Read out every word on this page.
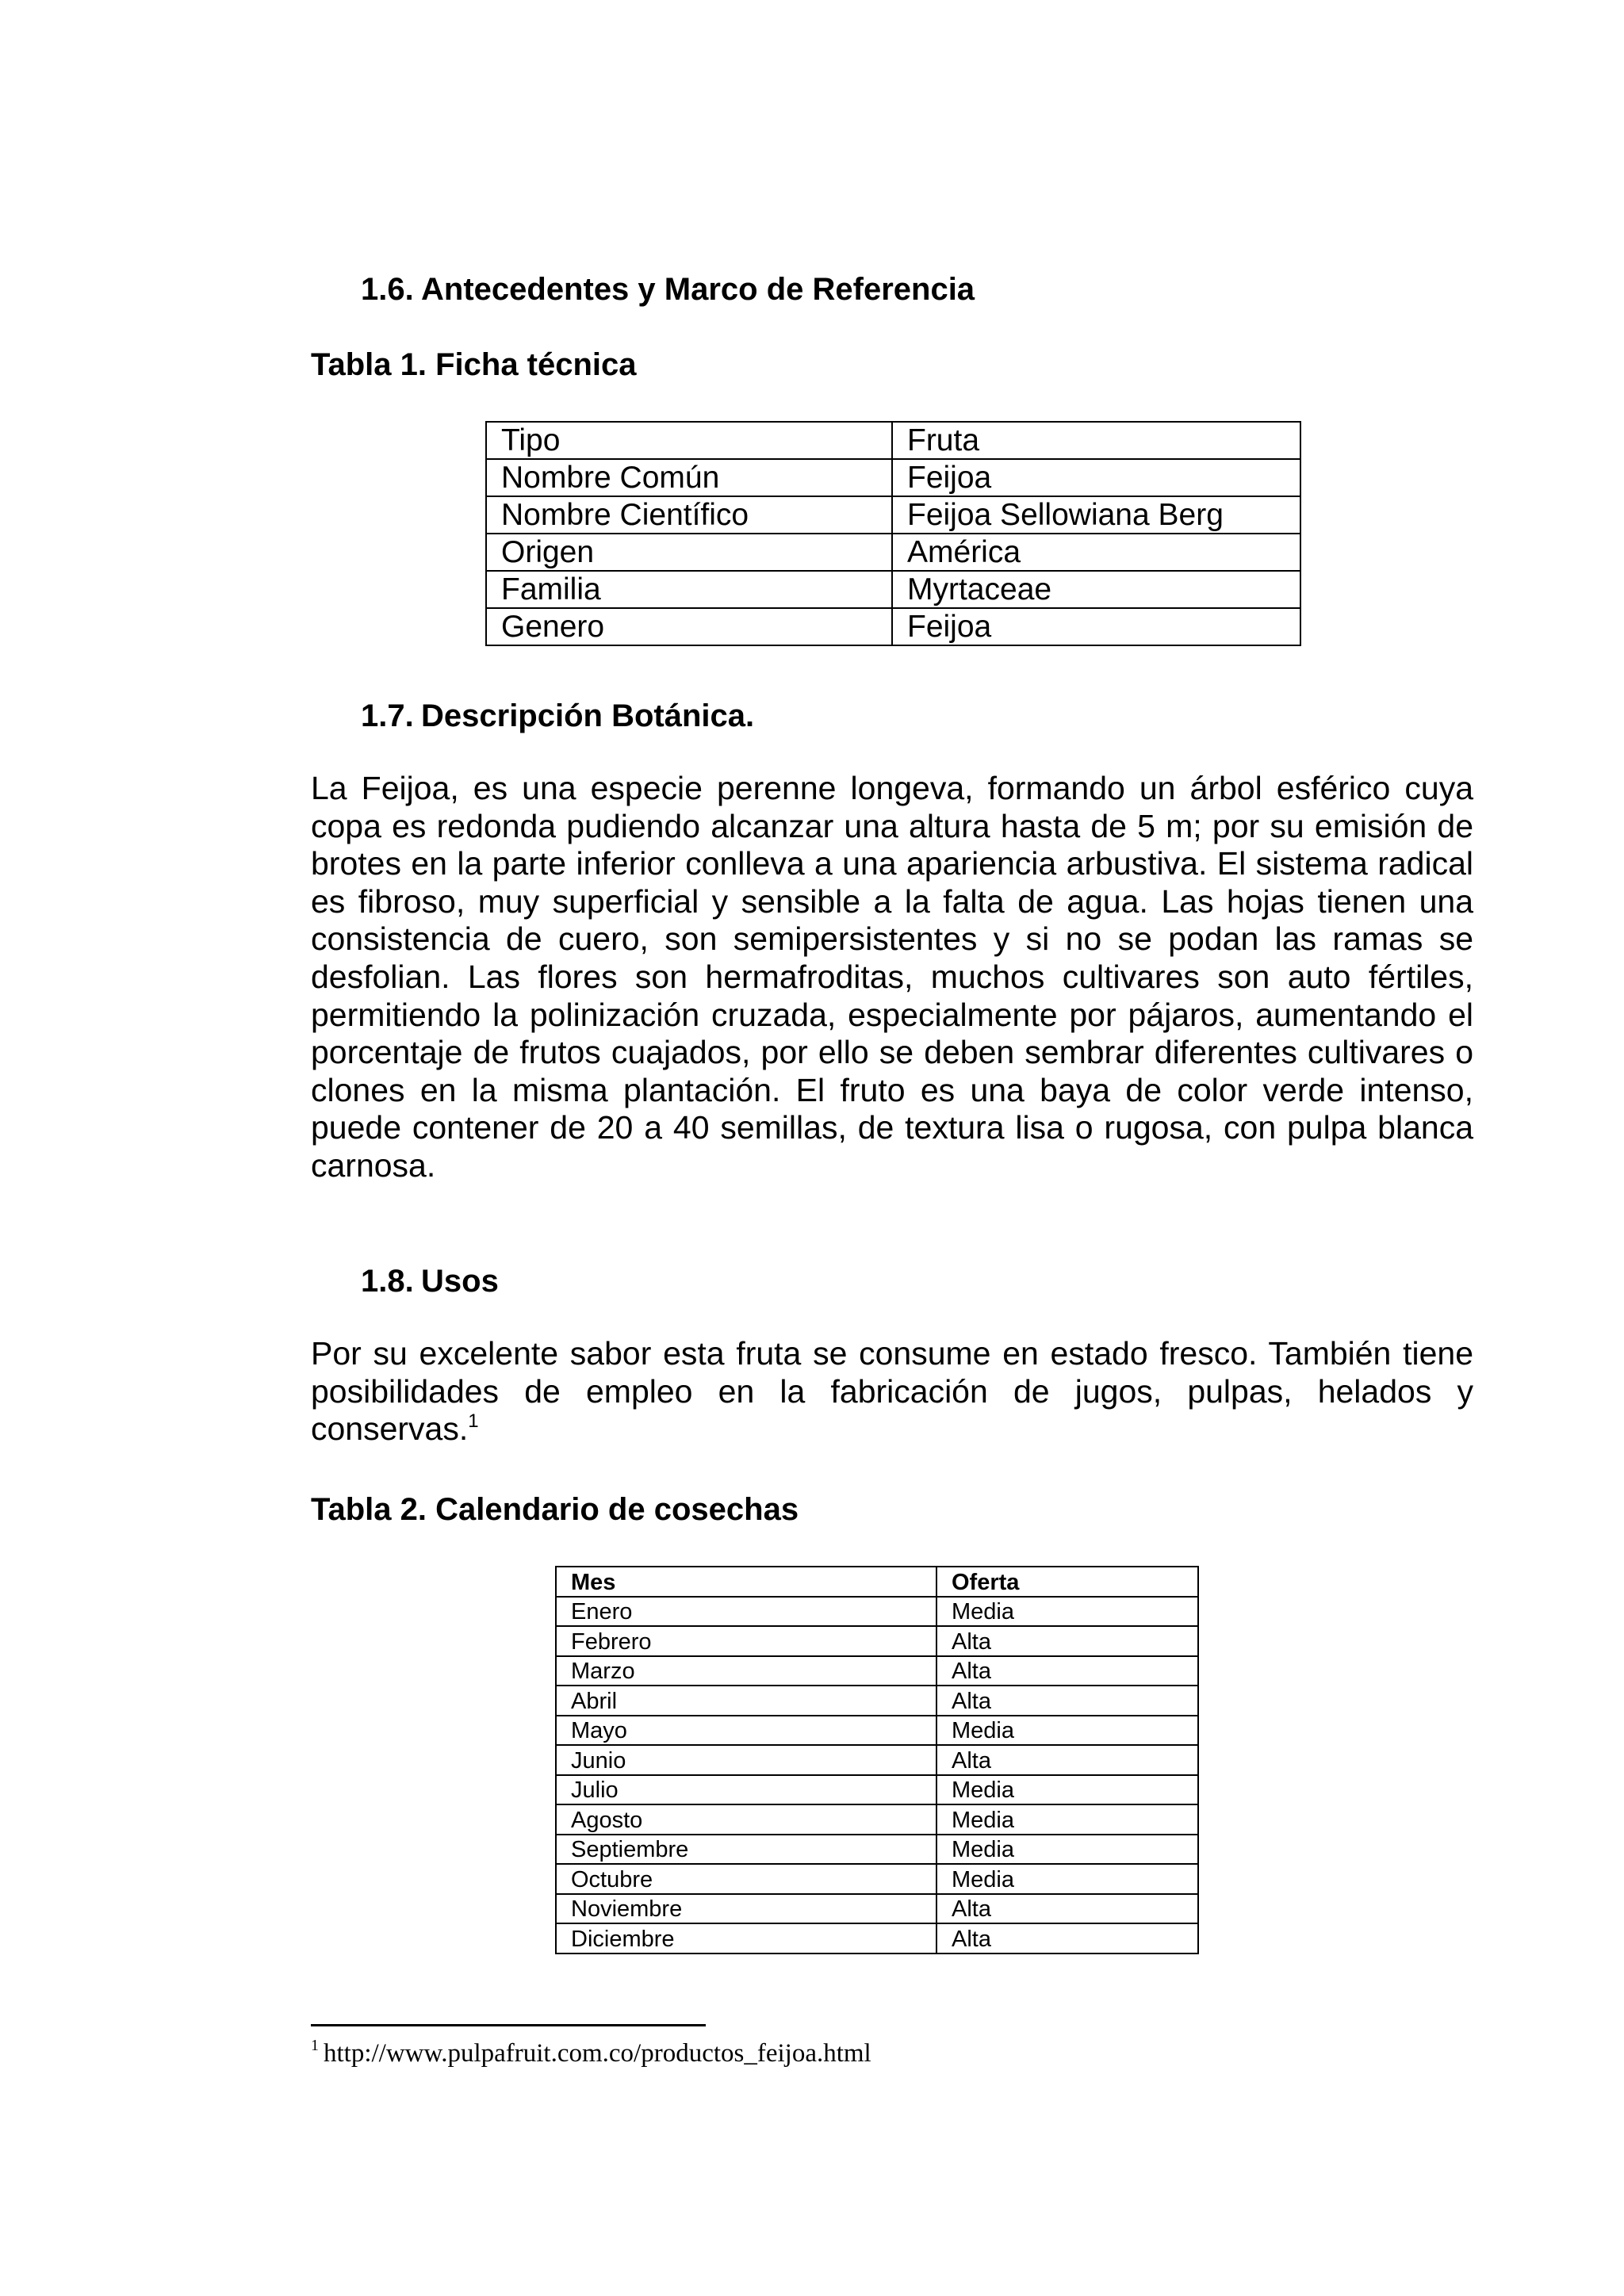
1.6. Antecedentes y Marco de Referencia
Tabla 1. Ficha técnica
Tipo	Fruta
Nombre Común	Feijoa
Nombre Científico	Feijoa Sellowiana Berg
Origen	América
Familia	Myrtaceae
Genero	Feijoa
1.7. Descripción Botánica.
La Feijoa, es una especie perenne longeva, formando un árbol esférico cuya copa es redonda pudiendo alcanzar una altura hasta de 5 m; por su emisión de brotes en la parte inferior conlleva a una apariencia arbustiva. El sistema radical es fibroso, muy superficial y sensible a la falta de agua. Las hojas tienen una consistencia de cuero, son semipersistentes y si no se podan las ramas se desfolian. Las flores son hermafroditas, muchos cultivares son auto fértiles, permitiendo la polinización cruzada, especialmente por pájaros, aumentando el porcentaje de frutos cuajados, por ello se deben sembrar diferentes cultivares o clones en la misma plantación. El fruto es una baya de color verde intenso, puede contener de 20 a 40 semillas, de textura lisa o rugosa, con pulpa blanca carnosa.
1.8. Usos
Por su excelente sabor esta fruta se consume en estado fresco. También tiene posibilidades de empleo en la fabricación de jugos, pulpas, helados y conservas.$^1$
Tabla 2. Calendario de cosechas
Mes	Oferta
Enero	Media
Febrero	Alta
Marzo	Alta
Abril	Alta
Mayo	Media
Junio	Alta
Julio	Media
Agosto	Media
Septiembre	Media
Octubre	Media
Noviembre	Alta
Diciembre	Alta
$^1$ http://www.pulpafruit.com.co/productos_feijoa.html
